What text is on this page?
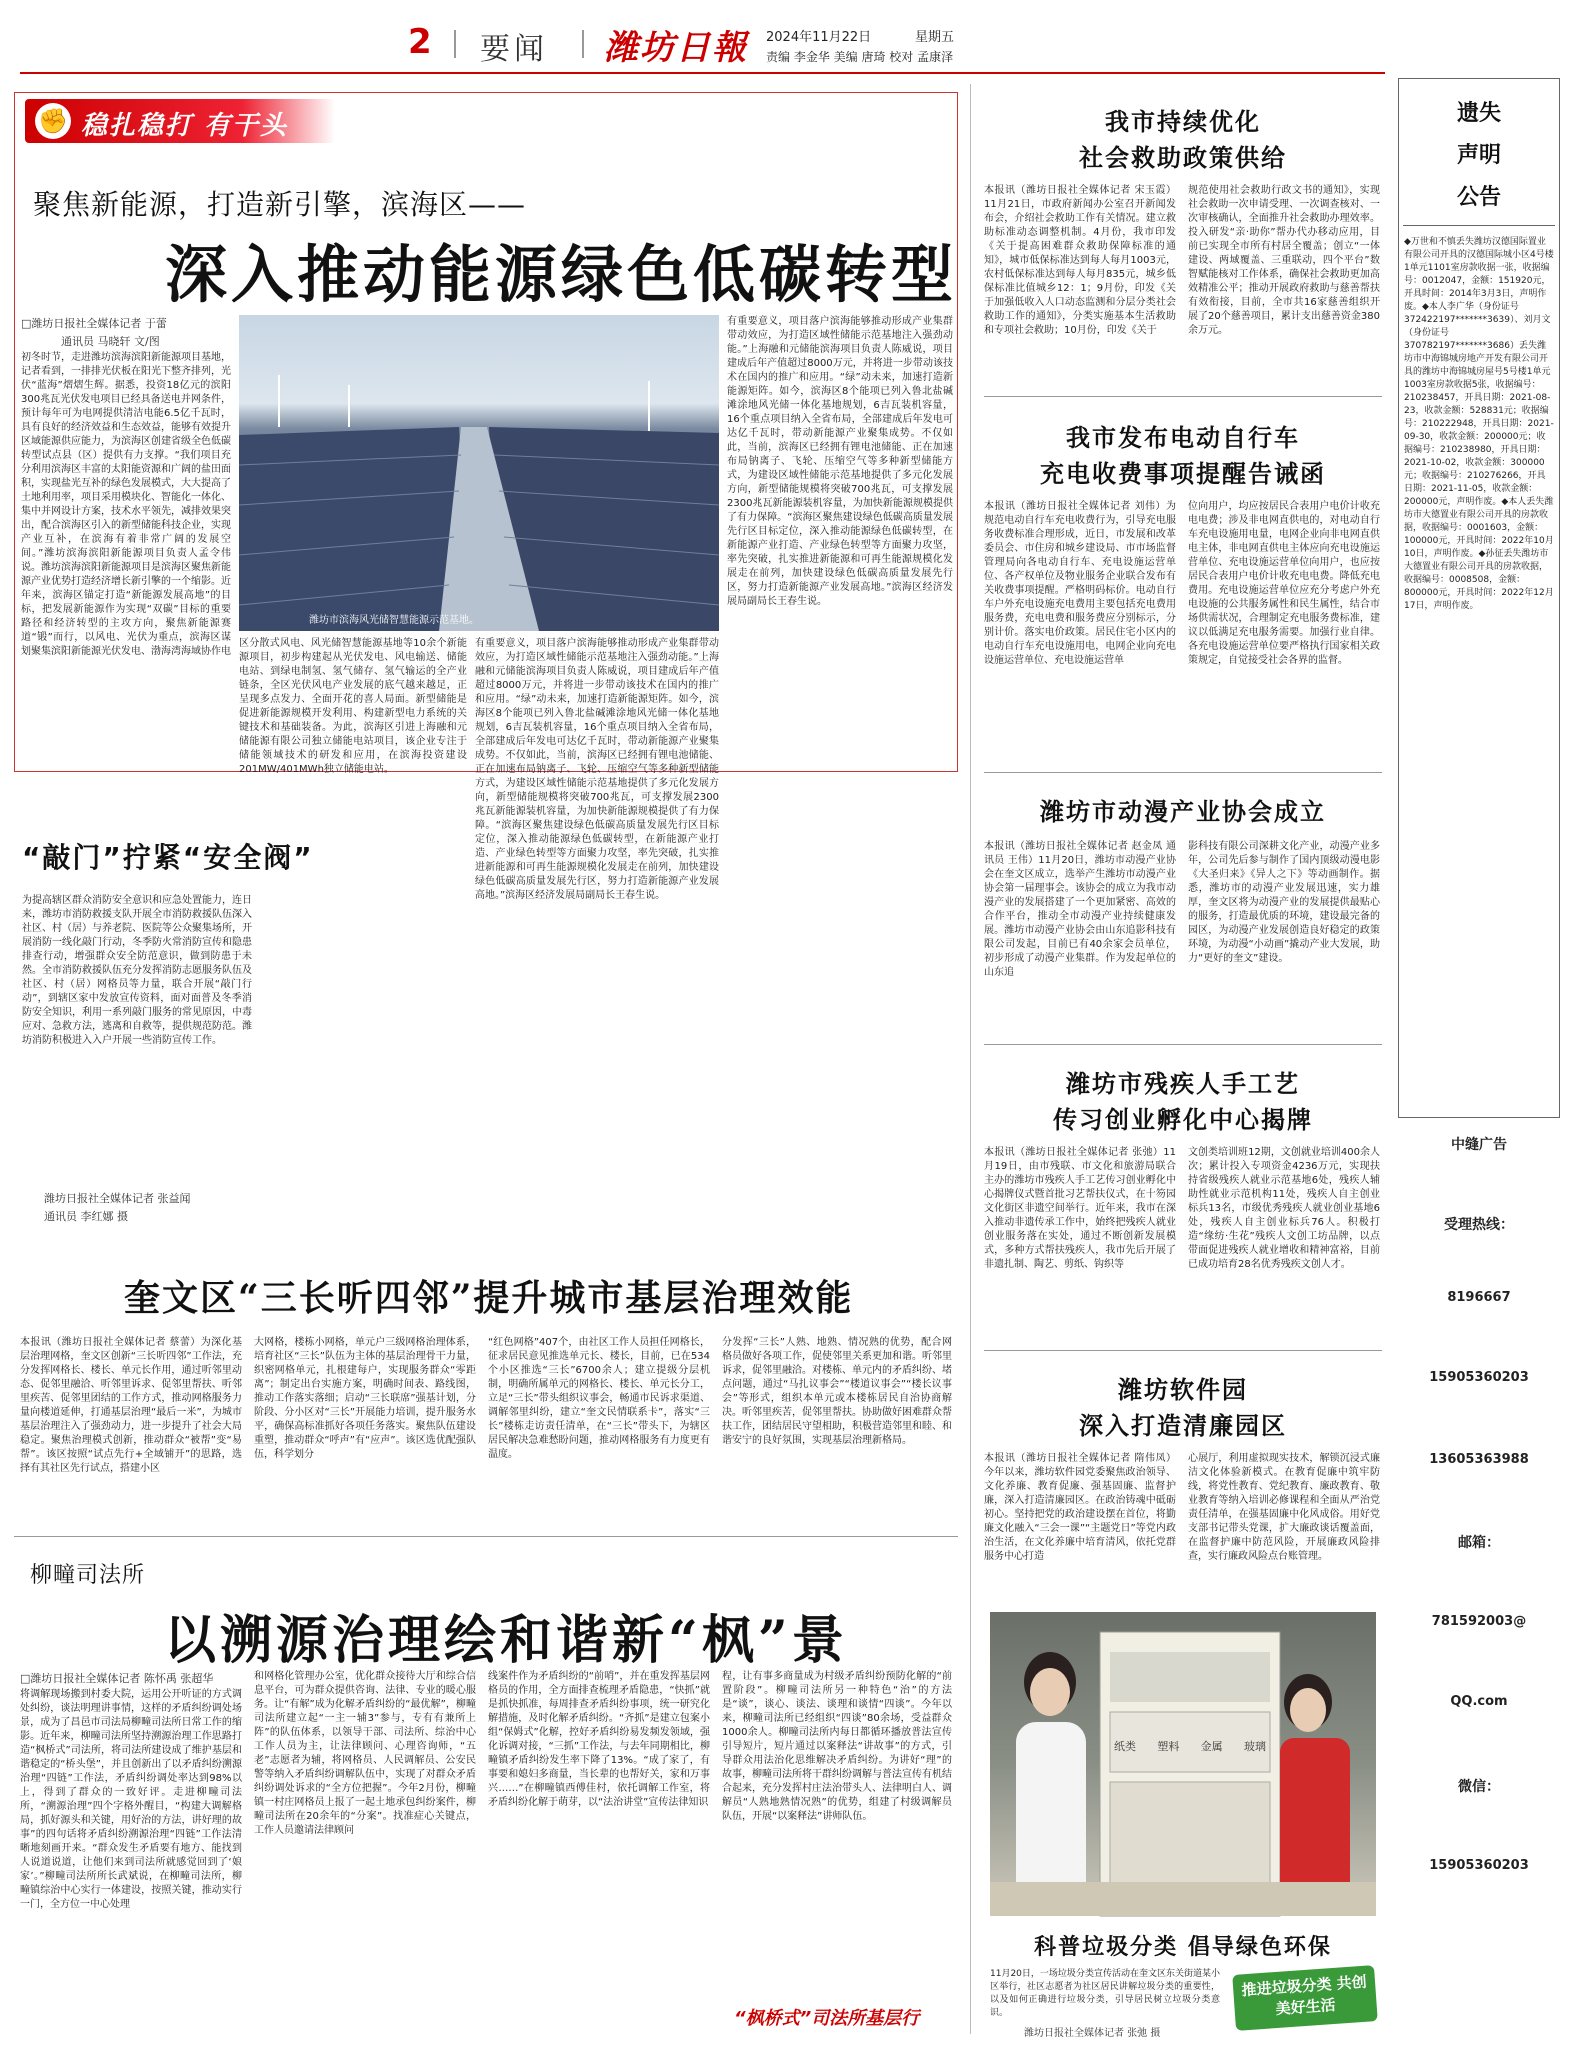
2 要闻 潍坊日報 2024年11月22日	星期五
责编 李金华 美编 唐琦 校对 孟康泽
✊ 稳扎稳打 有干头
聚焦新能源，打造新引擎，滨海区——
深入推动能源绿色低碳转型
□潍坊日报社全媒体记者 于蕾
通讯员 马晓轩 文/图
初冬时节，走进潍坊滨海滨阳新能源项目基地，记者看到，一排排光伏板在阳光下整齐排列，光伏“蓝海”熠熠生辉。据悉，投资18亿元的滨阳300兆瓦光伏发电项目已经具备送电并网条件，预计每年可为电网提供清洁电能6.5亿千瓦时，具有良好的经济效益和生态效益，能够有效提升区域能源供应能力，为滨海区创建省级全色低碳转型试点县（区）提供有力支撑。“我们项目充分利用滨海区丰富的太阳能资源和广阔的盐田面积，实现盐光互补的绿色发展模式，大大提高了土地利用率，项目采用模块化、智能化一体化、集中并网设计方案，技术水平领先，减排效果突出，配合滨海区引入的新型储能科技企业，实现产业互补，在滨海有着非常广阔的发展空间。”潍坊滨海滨阳新能源项目负责人孟令伟说。潍坊滨海滨阳新能源项目是滨海区聚焦新能源产业优势打造经济增长新引擎的一个缩影。近年来，滨海区锚定打造“新能源发展高地”的目标，把发展新能源作为实现“双碳”目标的重要路径和经济转型的主攻方向，聚焦新能源赛道“锻”而行，以风电、光伏为重点，滨海区谋划聚集滨阳新能源光伏发电、渤海湾海域协作电
潍坊市滨海风光储智慧能源示范基地。
区分散式风电、风光储智慧能源基地等10余个新能源项目，初步构建起从光伏发电、风电输送、储能电站、到绿电制氢、氢气储存、氢气输运的全产业链条，全区光伏风电产业发展的底气越来越足，正呈现多点发力、全面开花的喜人局面。新型储能是促进新能源规模开发利用、构建新型电力系统的关键技术和基础装备。为此，滨海区引进上海融和元储能源有限公司独立储能电站项目，该企业专注于储能领域技术的研发和应用，在滨海投资建设201MW/401MWh独立储能电站。
有重要意义，项目落户滨海能够推动形成产业集群带动效应，为打造区域性储能示范基地注入强劲动能。”上海融和元储能滨海项目负责人陈威说，项目建成后年产值超过8000万元，并将进一步带动该技术在国内的推广和应用。“绿”动未来，加速打造新能源矩阵。如今，滨海区8个能项已列入鲁北盐碱滩涂地风光储一体化基地规划，6吉瓦装机容量，16个重点项目纳入全省布局，全部建成后年发电可达亿千瓦时，带动新能源产业聚集成势。不仅如此，当前，滨海区已经拥有锂电池储能、正在加速布局钠离子、飞轮、压缩空气等多种新型储能方式，为建设区域性储能示范基地提供了多元化发展方向，新型储能规模将突破700兆瓦，可支撑发展2300兆瓦新能源装机容量，为加快新能源规模提供了有力保障。“滨海区聚焦建设绿色低碳高质量发展先行区目标定位，深入推动能源绿色低碳转型，在新能源产业打造、产业绿色转型等方面聚力攻坚，率先突破，扎实推进新能源和可再生能源规模化发展走在前列，加快建设绿色低碳高质量发展先行区，努力打造新能源产业发展高地。”滨海区经济发展局副局长王春生说。
有重要意义，项目落户滨海能够推动形成产业集群带动效应，为打造区域性储能示范基地注入强劲动能。”上海融和元储能滨海项目负责人陈威说，项目建成后年产值超过8000万元，并将进一步带动该技术在国内的推广和应用。“绿”动未来，加速打造新能源矩阵。如今，滨海区8个能项已列入鲁北盐碱滩涂地风光储一体化基地规划，6吉瓦装机容量，16个重点项目纳入全省布局，全部建成后年发电可达亿千瓦时，带动新能源产业聚集成势。不仅如此，当前，滨海区已经拥有锂电池储能、正在加速布局钠离子、飞轮、压缩空气等多种新型储能方式，为建设区域性储能示范基地提供了多元化发展方向，新型储能规模将突破700兆瓦，可支撑发展2300兆瓦新能源装机容量，为加快新能源规模提供了有力保障。“滨海区聚焦建设绿色低碳高质量发展先行区目标定位，深入推动能源绿色低碳转型，在新能源产业打造、产业绿色转型等方面聚力攻坚，率先突破，扎实推进新能源和可再生能源规模化发展走在前列，加快建设绿色低碳高质量发展先行区，努力打造新能源产业发展高地。”滨海区经济发展局副局长王春生说。
“敲门”拧紧“安全阀”
为提高辖区群众消防安全意识和应急处置能力，连日来，潍坊市消防救援支队开展全市消防救援队伍深入社区、村（居）与养老院、医院等公众聚集场所，开展消防一线化敲门行动，冬季防火常消防宣传和隐患排查行动，增强群众安全防范意识，做到防患于未然。全市消防救援队伍充分发挥消防志愿服务队伍及社区、村（居）网格员等力量，联合开展“敲门行动”，到辖区家中发放宣传资料，面对面普及冬季消防安全知识，利用一系列敲门服务的常见原因，中毒应对、急救方法，逃离和自救等，提供规范防范。潍坊消防积极进入入户开展一些消防宣传工作。
潍坊日报社全媒体记者 张益闻
通讯员 李红娜 摄
消防志愿者
奎文区“三长听四邻”提升城市基层治理效能
本报讯（潍坊日报社全媒体记者 蔡蕾）为深化基层治理网格，奎文区创新“三长听四邻”工作法，充分发挥网格长、楼长、单元长作用，通过听邻里动态、促邻里融洽、听邻里诉求、促邻里帮扶、听邻里疾苦、促邻里团结的工作方式，推动网格服务力量向楼道延伸，打通基层治理“最后一米”，为城市基层治理注入了强劲动力，进一步提升了社会大局稳定。聚焦治理模式创新，推动群众“被帮”变“易帮”。该区按照“试点先行+全域铺开”的思路，选择有其社区先行试点，搭建小区
大网格，楼栋小网格，单元户三级网格治理体系，培育社区“三长”队伍为主体的基层治理骨干力量，织密网格单元，扎根建每户，实现服务群众“零距离”；制定出台实施方案，明确时间表、路线图，推动工作落实落细；启动“三长联席”强基计划，分阶段、分小区对“三长”开展能力培训，提升服务水平，确保高标准抓好各项任务落实。聚焦队伍建设重塑，推动群众“呼声”有“应声”。该区选优配强队伍，科学划分
“红色网格”407个，由社区工作人员担任网格长，征求居民意见推选单元长、楼长，目前，已在534个小区推选“三长”6700余人；建立提级分层机制，明确所属单元的网格长、楼长、单元长分工，立足“三长”带头组织议事会，畅通市民诉求渠道、调解邻里纠纷，建立“奎文民情联系卡”，落实“三长”楼栋走访责任清单，在“三长”带头下，为辖区居民解决急难愁盼问题，推动网格服务有力度更有温度。
分发挥“三长”人熟、地熟、情况熟的优势，配合网格员做好各项工作，促使邻里关系更加和谐。听邻里诉求，促邻里融洽。对楼栋、单元内的矛盾纠纷、堵点问题，通过“马扎议事会”“楼道议事会”“楼长议事会”等形式，组织本单元或本楼栋居民自治协商解决。听邻里疾苦，促邻里帮扶。协助做好困难群众帮扶工作，团结居民守望相助，积极营造邻里和睦、和谐安宁的良好氛围，实现基层治理新格局。
柳疃司法所
以溯源治理绘和谐新“枫”景
□潍坊日报社全媒体记者 陈怀禹 张超华
将调解现场搬到村委大院，运用公开听证的方式调处纠纷，谈法明理讲事情，这样的矛盾纠纷调处场景，成为了昌邑市司法局柳疃司法所日常工作的缩影。近年来，柳疃司法所坚持溯源治理工作思路打造“枫桥式”司法所，将司法所建设成了维护基层和谐稳定的“桥头堡”，并且创新出了以矛盾纠纷溯源治理“四链”工作法，矛盾纠纷调处率达到98%以上，得到了群众的一致好评。走进柳疃司法所，“溯源治理”四个字格外醒目，“构建大调解格局，抓好源头和关键，用好治的方法，讲好理的故事”的四句话将矛盾纠纷溯源治理“四链”工作法清晰地刻画开来。“群众发生矛盾要有地方、能找到人说道说道，让他们来到司法所就感觉回到了‘娘家’。”柳疃司法所所长武斌说，在柳疃司法所，柳疃镇综治中心实行一体建设，按照关键，推动实行一门，全方位一中心处理
和网格化管理办公室，优化群众接待大厅和综合信息平台，可为群众提供咨询、法律、专业的暖心服务。让“有解”成为化解矛盾纠纷的“最优解”，柳疃司法所建立起“一主一辅3”参与，专有有兼所上阵”的队伍体系，以领导干部、司法所、综治中心工作人员为主，让法律顾问、心理咨询师，“五老”志愿者为辅，将网格员、人民调解员、公安民警等纳入矛盾纠纷调解队伍中，实现了对群众矛盾纠纷调处诉求的“全方位把握”。今年2月份，柳疃镇一村庄网格员上报了一起土地承包纠纷案件，柳疃司法所在20余年的“分案”。找准症心关键点，工作人员邀请法律顾问
线案件作为矛盾纠纷的“前哨”，并在重发挥基层网格员的作用，全方面排查梳理矛盾隐患，“快抓”就是抓快抓准，每周排查矛盾纠纷事项，统一研究化解措施，及时化解矛盾纠纷。“齐抓”是建立包案小组“保姆式”化解，控好矛盾纠纷易发频发领域，强化诉调对接，“三抓”工作法，与去年同期相比，柳疃镇矛盾纠纷发生率下降了13%。“成了家了，有事要和媳妇多商量，当长辈的也帮好关，家和万事兴……”在柳疃镇西傅佳村，依托调解工作室，将矛盾纠纷化解于萌芽，以“法治讲堂”宣传法律知识
程，让有事多商量成为村级矛盾纠纷预防化解的“前置阶段”。柳疃司法所另一种特色“治”的方法是“谈”，谈心、谈法、谈理和谈情“四谈”。今年以来，柳疃司法所已经组织“四谈”80余场，受益群众1000余人。柳疃司法所内每日都循环播放普法宣传引导短片，短片通过以案释法“讲故事”的方式，引导群众用法治化思维解决矛盾纠纷。为讲好“理”的故事，柳疃司法所将干群纠纷调解与普法宣传有机结合起来，充分发挥村庄法治带头人、法律明白人、调解员“人熟地熟情况熟”的优势，组建了村级调解员队伍，开展“以案释法”讲师队伍。
“枫桥式”司法所基层行
我市持续优化
社会救助政策供给
本报讯（潍坊日报社全媒体记者 宋玉霞）11月21日，市政府新闻办公室召开新闻发布会，介绍社会救助工作有关情况。建立救助标准动态调整机制。4月份，我市印发《关于提高困难群众救助保障标准的通知》，城市低保标准达到每人每月1003元，农村低保标准达到每人每月835元，城乡低保标准比值城乡12：1；9月份，印发《关于加强低收入人口动态监测和分层分类社会救助工作的通知》，分类实施基本生活救助和专项社会救助；10月份，印发《关于
规范使用社会救助行政文书的通知》，实现社会救助一次申请受理、一次调查核对、一次审核确认，全面推升社会救助办理效率。投入研发“亲·助你”帮办代办移动应用，目前已实现全市所有村居全覆盖；创立“一体建设、两域覆盖、三重联动，四个平台”数智赋能核对工作体系，确保社会救助更加高效精准公平；推动开展政府救助与慈善帮扶有效衔接，目前，全市共16家慈善组织开展了20个慈善项目，累计支出慈善资金380余万元。
我市发布电动自行车
充电收费事项提醒告诫函
本报讯（潍坊日报社全媒体记者 刘伟）为规范电动自行车充电收费行为，引导充电服务收费标准合理形成，近日，市发展和改革委员会、市住房和城乡建设局、市市场监督管理局向各电动自行车、充电设施运营单位、各产权单位及物业服务企业联合发布有关收费事项提醒。严格明码标价。电动自行车户外充电设施充电费用主要包括充电费用服务费，充电电费和服务费应分别标示，分别计价。落实电价政策。居民住宅小区内的电动自行车充电设施用电，电网企业向充电设施运营单位、充电设施运营单
位向用户，均应按居民合表用户电价计收充电电费；涉及非电网直供电的，对电动自行车充电设施用电量，电网企业向非电网直供电主体，非电网直供电主体应向充电设施运营单位、充电设施运营单位向用户，也应按居民合表用户电价计收充电电费。降低充电费用。充电设施运营单位应充分考虑户外充电设施的公共服务属性和民生属性，结合市场供需状况，合理制定充电服务费标准，建议以低满足充电服务需要。加强行业自律。各充电设施运营单位要严格执行国家相关政策规定，自觉接受社会各界的监督。
潍坊市动漫产业协会成立
本报讯（潍坊日报社全媒体记者 赵金凤 通讯员 王伟）11月20日，潍坊市动漫产业协会在奎文区成立，选举产生潍坊市动漫产业协会第一届理事会。该协会的成立为我市动漫产业的发展搭建了一个更加紧密、高效的合作平台，推动全市动漫产业持续健康发展。潍坊市动漫产业协会由山东追影科技有限公司发起，目前已有40余家会员单位，初步形成了动漫产业集群。作为发起单位的山东追
影科技有限公司深耕文化产业，动漫产业多年，公司先后参与制作了国内顶级动漫电影《大圣归来》《异人之下》等动画制作。据悉，潍坊市的动漫产业发展迅速，实力雄厚，奎文区将为动漫产业的发展提供最贴心的服务，打造最优质的环境，建设最完备的园区，为动漫产业发展创造良好稳定的政策环境，为动漫“小动画”撬动产业大发展，助力“更好的奎文”建设。
潍坊市残疾人手工艺
传习创业孵化中心揭牌
本报讯（潍坊日报社全媒体记者 张弛）11月19日，由市残联、市文化和旅游局联合主办的潍坊市残疾人手工艺传习创业孵化中心揭牌仪式暨首批习艺帮扶仪式，在十笏园文化街区非遗空间举行。近年来，我市在深入推动非遗传承工作中，始终把残疾人就业创业服务落在实处，通过不断创新发展模式，多种方式帮扶残疾人，我市先后开展了非遗扎制、陶艺、剪纸、钩织等
文创类培训班12期，文创就业培训400余人次；累计投入专项资金4236万元，实现扶持省级残疾人就业示范基地6处，残疾人辅助性就业示范机构11处，残疾人自主创业标兵13名，市级优秀残疾人就业创业基地6处，残疾人自主创业标兵76人。积极打造“缘纺·生花”残疾人文创工坊品牌，以点带面促进残疾人就业增收和精神富裕，目前已成功培育28名优秀残疾文创人才。
潍坊软件园
深入打造清廉园区
本报讯（潍坊日报社全媒体记者 隋伟凤）今年以来，潍坊软件园党委聚焦政治领导、文化养廉、教育促廉、强基固廉、监督护廉，深入打造清廉园区。在政治铸魂中砥砺初心。坚持把党的政治建设摆在首位，将勤廉文化融入“三会一课”“主题党日”等党内政治生活，在文化养廉中培育清风，依托党群服务中心打造
心展厅，利用虚拟现实技术，解锁沉浸式廉洁文化体验新模式。在教育促廉中筑牢防线，将党性教育、党纪教育、廉政教育、敬业教育等纳入培训必修课程和全面从严治党责任清单，在强基固廉中化风成俗。用好党支部书记带头党课，扩大廉政谈话覆盖面，在监督护廉中防范风险，开展廉政风险排查，实行廉政风险点台账管理。
纸类 塑料 金属 玻璃
科普垃圾分类 倡导绿色环保
11月20日，一场垃圾分类宣传活动在奎文区东关街道某小区举行，社区志愿者为社区居民讲解垃圾分类的重要性，以及如何正确进行垃圾分类，引导居民树立垃圾分类意识。
潍坊日报社全媒体记者 张弛 摄
推进垃圾分类 共创美好生活
遗失
声明
公告
◆万世和不慎丢失潍坊汉德国际置业有限公司开具的汉德国际城小区4号楼1单元1101室房款收据一张，收据编号：0012047，金额：151920元，开具时间：2014年3月3日，声明作废。◆本人李广华（身份证号372422197*******3639）、刘月文（身份证号370782197*******3686）丢失潍坊市中海锦城房地产开发有限公司开具的潍坊中海锦城房屋号5号楼1单元1003室房款收据5张，收据编号：210238457，开具日期：2021-08-23，收款金额：528831元；收据编号：210222948，开具日期：2021-09-30，收款金额：200000元；收据编号：210238980，开具日期：2021-10-02，收款金额：300000元；收据编号：210276266，开具日期：2021-11-05，收款金额：200000元，声明作废。◆本人丢失潍坊市大德置业有限公司开具的房款收据，收据编号：0001603，金额：100000元，开具时间：2022年10月10日，声明作废。◆孙征丢失潍坊市大德置业有限公司开具的房款收据，收据编号：0008508，金额：800000元，开具时间：2022年12月17日，声明作废。
中缝广告
受理热线：
8196667
15905360203
13605363988
邮箱：
781592003@
QQ.com
微信：
15905360203
